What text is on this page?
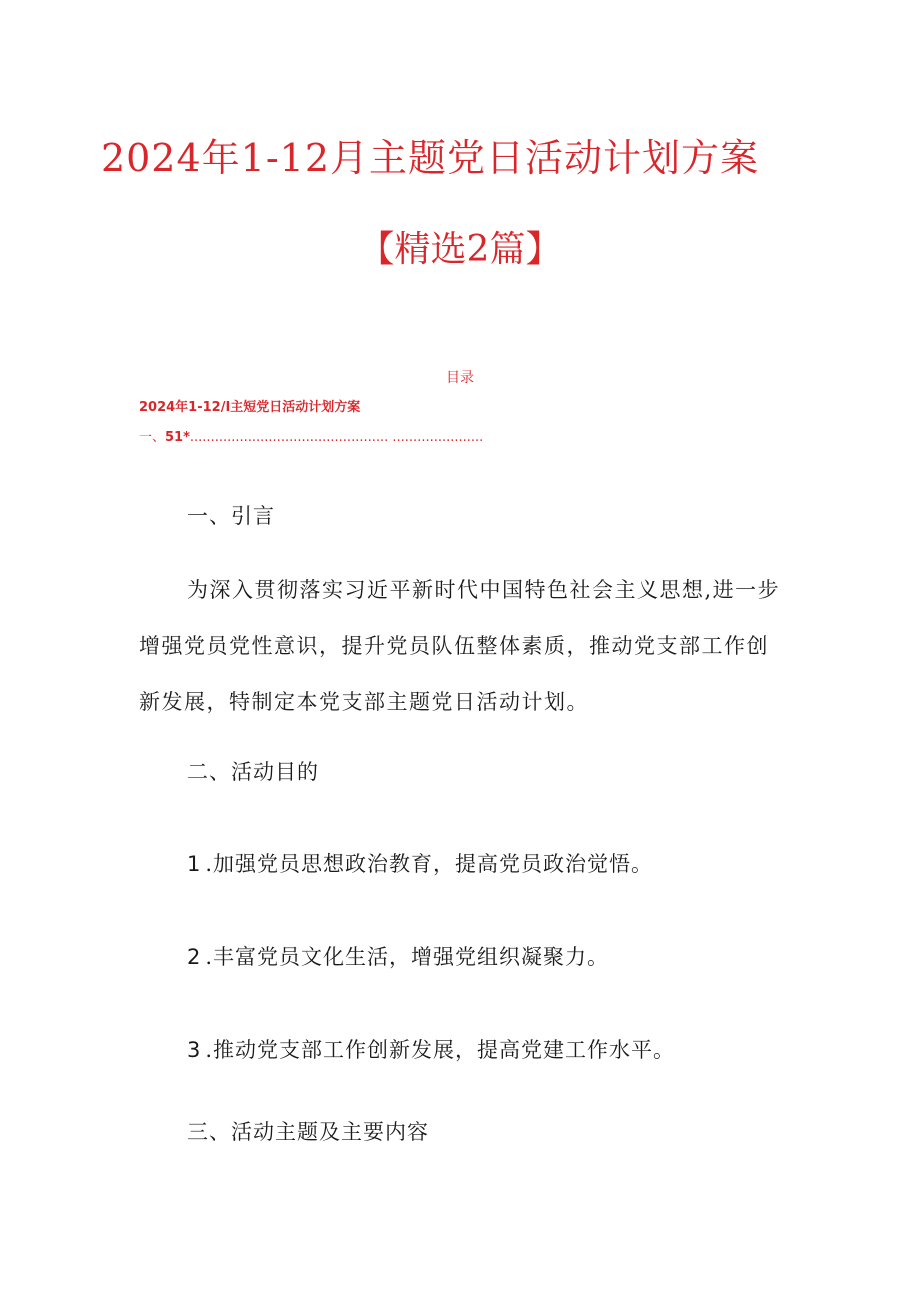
2024年1-12月主题党日活动计划方案
【精选2篇】
目录
2024年1-12/I主短党日活动计划方案
一、51*................................................ ......................
一、引言

为深入贯彻落实习近平新时代中国特色社会主义思想,进一步增强党员党性意识，提升党员队伍整体素质，推动党支部工作创新发展，特制定本党支部主题党日活动计划。

二、活动目的
1 .加强党员思想政治教育，提高党员政治觉悟。
2 .丰富党员文化生活，增强党组织凝聚力。
3 .推动党支部工作创新发展，提高党建工作水平。
三、活动主题及主要内容
